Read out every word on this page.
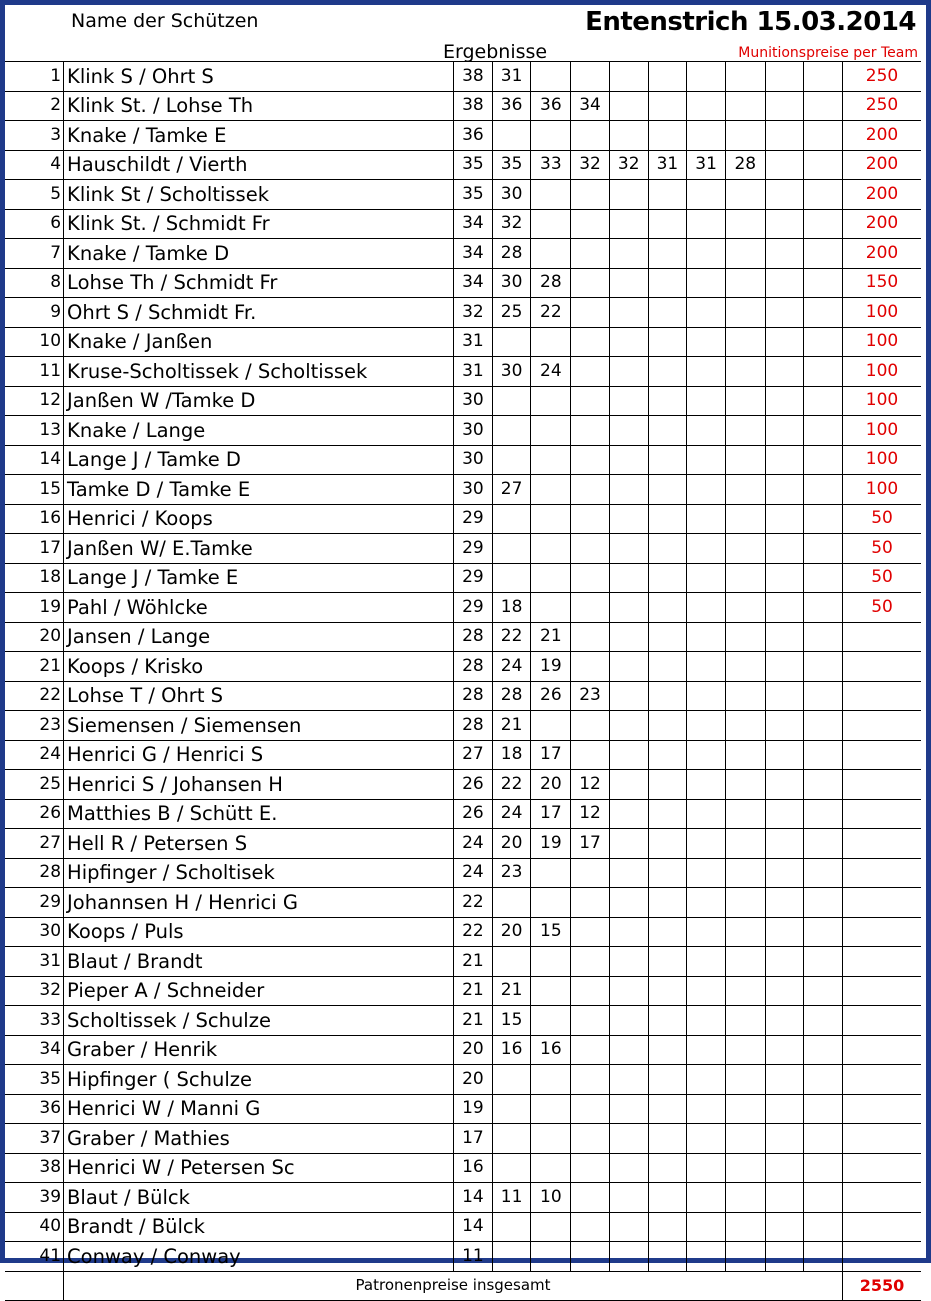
Name der Schützen	Entenstrich 15.03.2014
Ergebnisse	Munitionspreise per Team
1	Klink S / Ohrt S	38	31									250
2	Klink St. / Lohse Th	38	36	36	34							250
3	Knake / Tamke E	36										200
4	Hauschildt / Vierth	35	35	33	32	32	31	31	28			200
5	Klink St / Scholtissek	35	30									200
6	Klink St. / Schmidt Fr	34	32									200
7	Knake / Tamke D	34	28									200
8	Lohse Th / Schmidt Fr	34	30	28								150
9	Ohrt S / Schmidt Fr.	32	25	22								100
10	Knake / Janßen	31										100
11	Kruse-Scholtissek / Scholtissek	31	30	24								100
12	Janßen W /Tamke D	30										100
13	Knake / Lange	30										100
14	Lange J / Tamke D	30										100
15	Tamke D / Tamke E	30	27									100
16	Henrici / Koops	29										50
17	Janßen W/ E.Tamke	29										50
18	Lange J / Tamke E	29										50
19	Pahl / Wöhlcke	29	18									50
20	Jansen / Lange	28	22	21								
21	Koops / Krisko	28	24	19								
22	Lohse T / Ohrt S	28	28	26	23							
23	Siemensen / Siemensen	28	21									
24	Henrici G / Henrici S	27	18	17								
25	Henrici S / Johansen H	26	22	20	12							
26	Matthies B / Schütt E.	26	24	17	12							
27	Hell R / Petersen S	24	20	19	17							
28	Hipfinger / Scholtisek	24	23									
29	Johannsen H / Henrici G	22										
30	Koops / Puls	22	20	15								
31	Blaut / Brandt	21										
32	Pieper A / Schneider	21	21									
33	Scholtissek / Schulze	21	15									
34	Graber / Henrik	20	16	16								
35	Hipfinger ( Schulze	20										
36	Henrici W / Manni G	19										
37	Graber / Mathies	17										
38	Henrici W / Petersen Sc	16										
39	Blaut / Bülck	14	11	10								
40	Brandt / Bülck	14										
41	Conway / Conway	11										
	Patronenpreise insgesamt											2550
